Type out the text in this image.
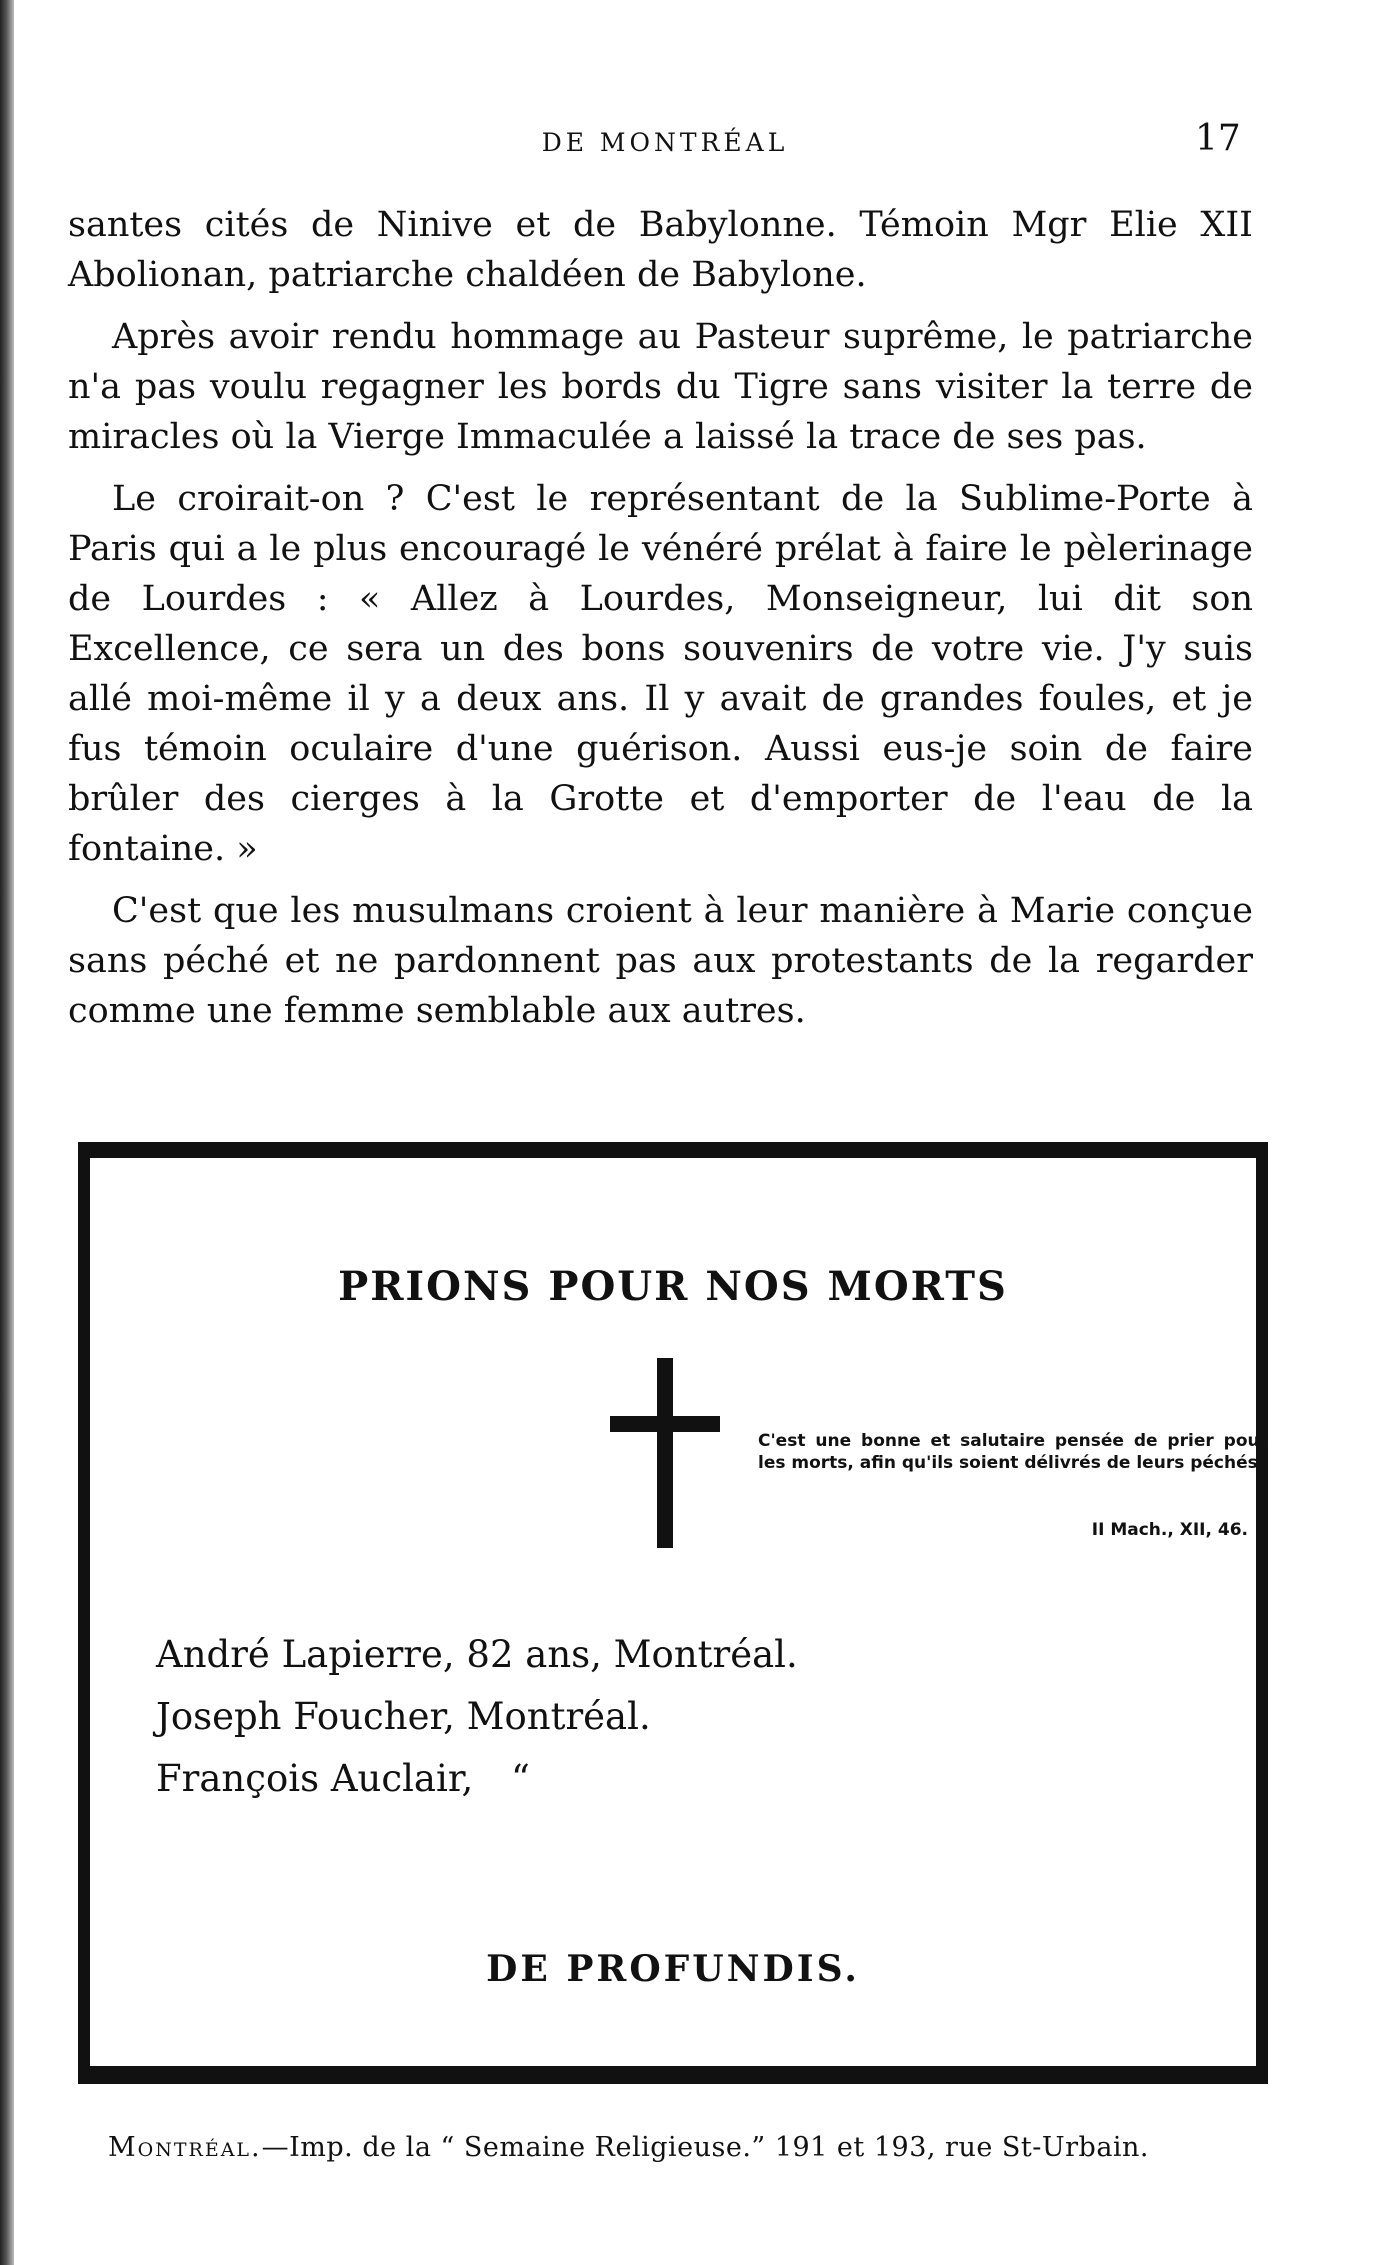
DE MONTRÉAL	17

santes cités de Ninive et de Babylonne. Témoin Mgr Elie XII Abolionan, patriarche chaldéen de Babylone.

Après avoir rendu hommage au Pasteur suprême, le patriarche n'a pas voulu regagner les bords du Tigre sans visiter la terre de miracles où la Vierge Immaculée a laissé la trace de ses pas.

Le croirait-on ? C'est le représentant de la Sublime-Porte à Paris qui a le plus encouragé le vénéré prélat à faire le pèlerinage de Lourdes : « Allez à Lourdes, Monseigneur, lui dit son Excellence, ce sera un des bons souvenirs de votre vie. J'y suis allé moi-même il y a deux ans. Il y avait de grandes foules, et je fus témoin oculaire d'une guérison. Aussi eus-je soin de faire brûler des cierges à la Grotte et d'emporter de l'eau de la fontaine. »

C'est que les musulmans croient à leur manière à Marie conçue sans péché et ne pardonnent pas aux protestants de la regarder comme une femme semblable aux autres.

PRIONS POUR NOS MORTS
C'est une bonne et salutaire pensée de prier pour les morts, afin qu'ils soient délivrés de leurs péchés.
II Mach., XII, 46.
André Lapierre, 82 ans, Montréal.
Joseph Foucher, Montréal.
François Auclair, “
DE PROFUNDIS.
Montréal.—Imp. de la “ Semaine Religieuse.” 191 et 193, rue St-Urbain.
